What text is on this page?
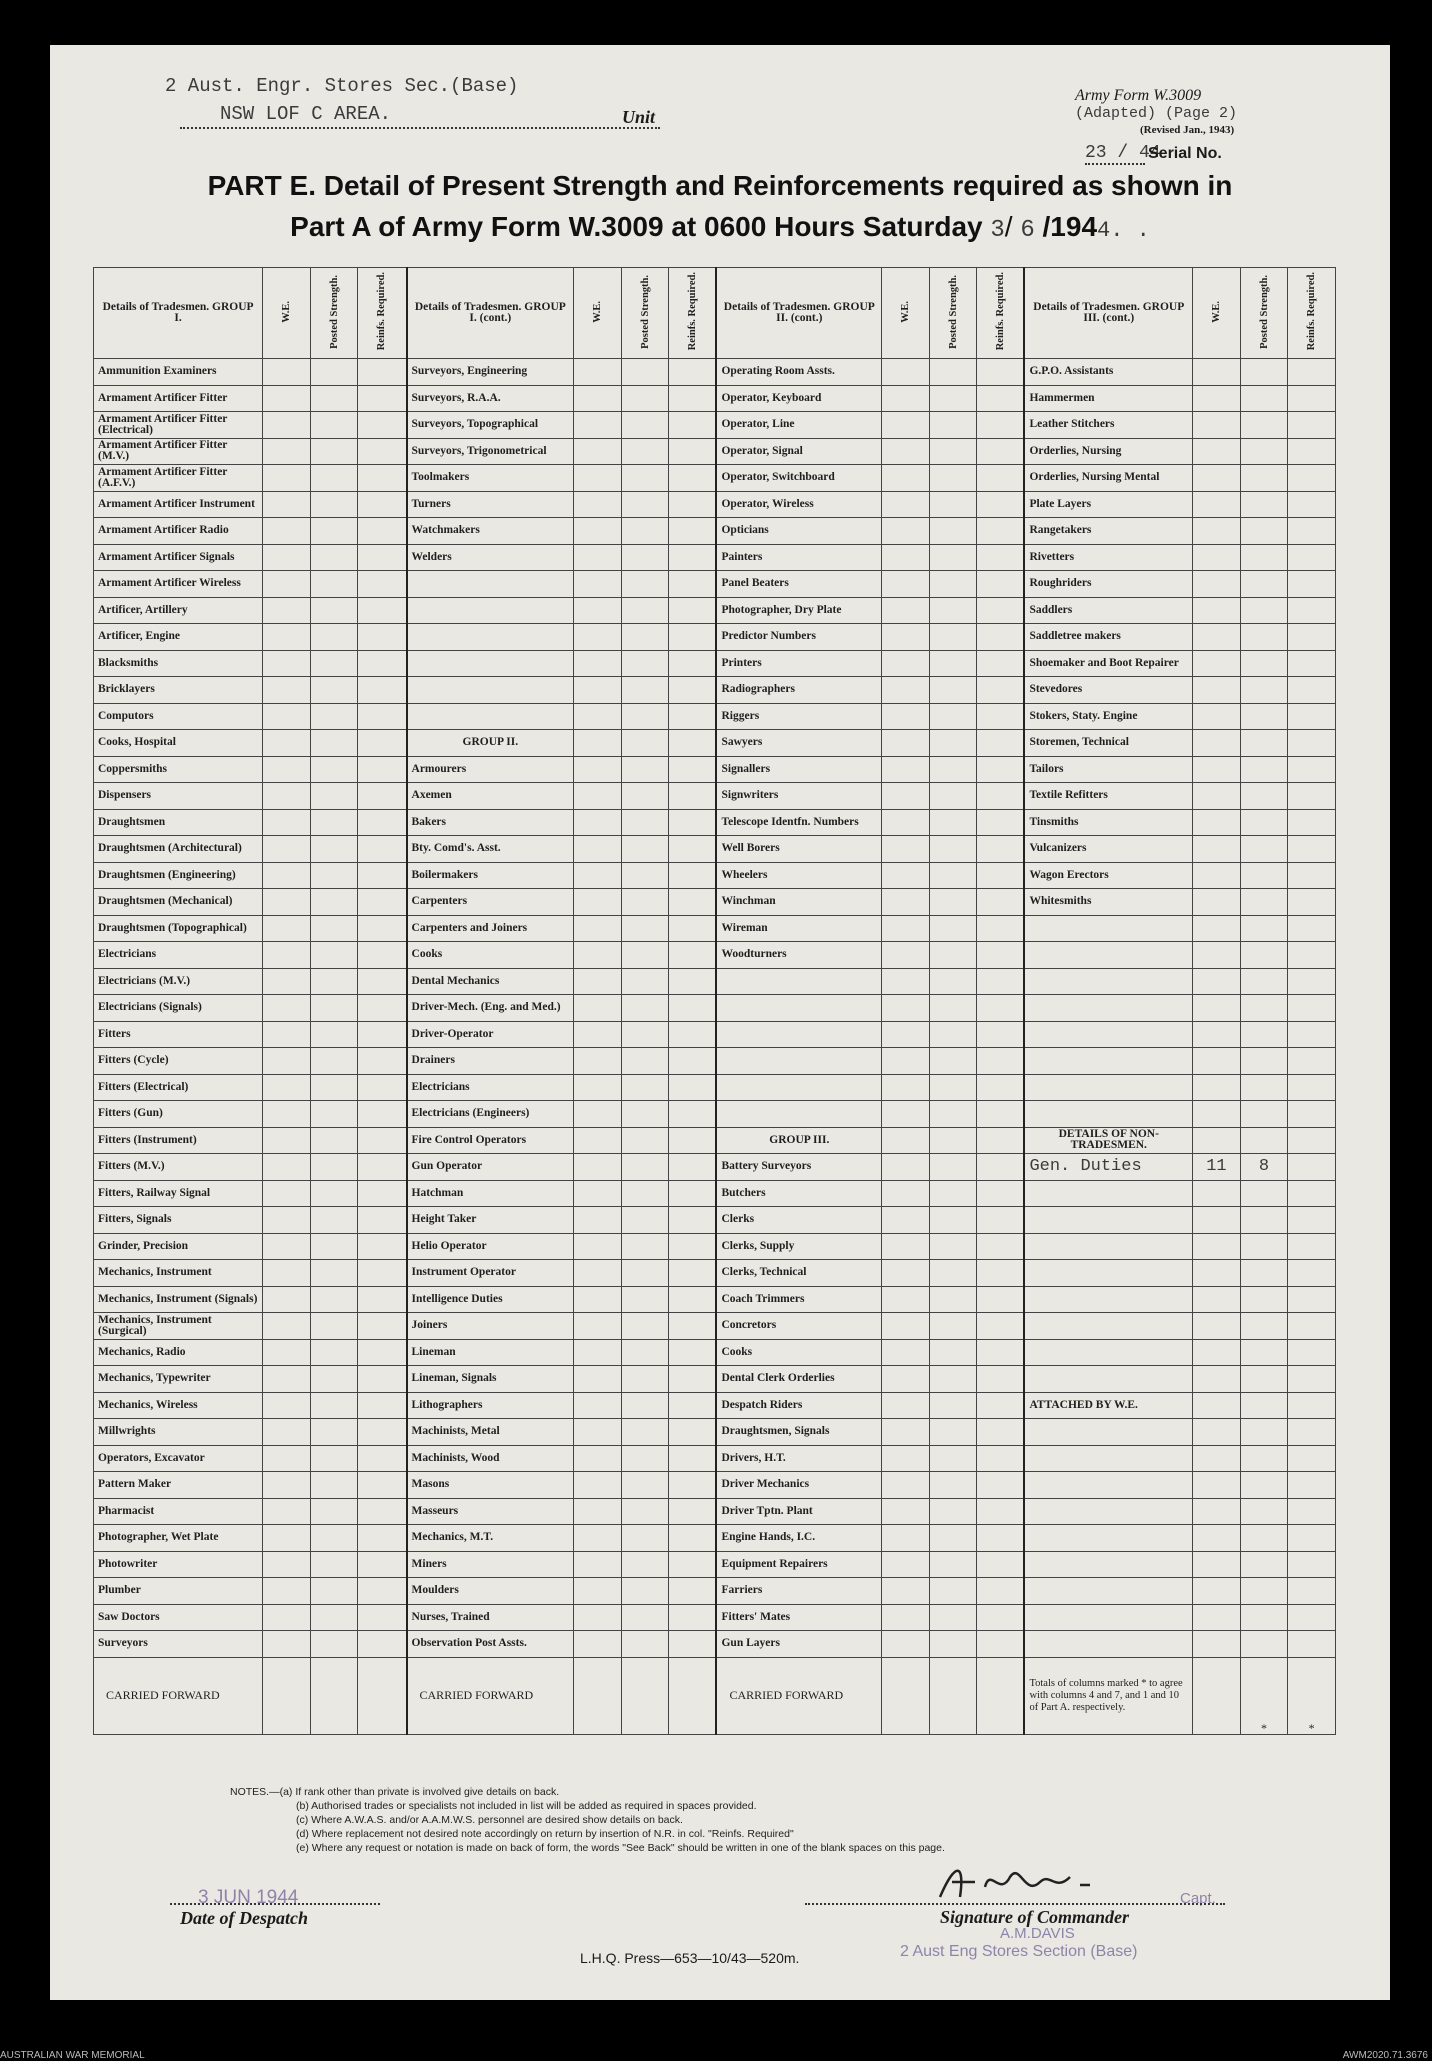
2 Aust. Engr. Stores Sec.(Base)
NSW LOF C AREA.	Unit
Army Form W.3009
(Adapted) (Page 2)
(Revised Jan., 1943)
23 / 44
Serial No.
PART E. Detail of Present Strength and Reinforcements required as shown in
Part A of Army Form W.3009 at 0600 Hours Saturday 3/ 6 /1944. .
Details of Tradesmen. GROUP I.	W.E.	Posted Strength.	Reinfs. Required.	Details of Tradesmen. GROUP I. (cont.)	W.E.	Posted Strength.	Reinfs. Required.	Details of Tradesmen. GROUP II. (cont.)	W.E.	Posted Strength.	Reinfs. Required.	Details of Tradesmen. GROUP III. (cont.)	W.E.	Posted Strength.	Reinfs. Required.
Ammunition Examiners				Surveyors, Engineering				Operating Room Assts.				G.P.O. Assistants			
Armament Artificer Fitter				Surveyors, R.A.A.				Operator, Keyboard				Hammermen			
Armament Artificer Fitter (Electrical)				Surveyors, Topographical				Operator, Line				Leather Stitchers			
Armament Artificer Fitter (M.V.)				Surveyors, Trigonometrical				Operator, Signal				Orderlies, Nursing			
Armament Artificer Fitter (A.F.V.)				Toolmakers				Operator, Switchboard				Orderlies, Nursing Mental			
Armament Artificer Instrument				Turners				Operator, Wireless				Plate Layers			
Armament Artificer Radio				Watchmakers				Opticians				Rangetakers			
Armament Artificer Signals				Welders				Painters				Rivetters			
Armament Artificer Wireless								Panel Beaters				Roughriders			
Artificer, Artillery								Photographer, Dry Plate				Saddlers			
Artificer, Engine								Predictor Numbers				Saddletree makers			
Blacksmiths								Printers				Shoemaker and Boot Repairer			
Bricklayers								Radiographers				Stevedores			
Computors								Riggers				Stokers, Staty. Engine			
Cooks, Hospital				GROUP II.				Sawyers				Storemen, Technical			
Coppersmiths				Armourers				Signallers				Tailors			
Dispensers				Axemen				Signwriters				Textile Refitters			
Draughtsmen				Bakers				Telescope Identfn. Numbers				Tinsmiths			
Draughtsmen (Architectural)				Bty. Comd's. Asst.				Well Borers				Vulcanizers			
Draughtsmen (Engineering)				Boilermakers				Wheelers				Wagon Erectors			
Draughtsmen (Mechanical)				Carpenters				Winchman				Whitesmiths			
Draughtsmen (Topographical)				Carpenters and Joiners				Wireman							
Electricians				Cooks				Woodturners							
Electricians (M.V.)				Dental Mechanics											
Electricians (Signals)				Driver-Mech. (Eng. and Med.)											
Fitters				Driver-Operator											
Fitters (Cycle)				Drainers											
Fitters (Electrical)				Electricians											
Fitters (Gun)				Electricians (Engineers)											
Fitters (Instrument)				Fire Control Operators				GROUP III.				DETAILS OF NON-TRADESMEN.			
Fitters (M.V.)				Gun Operator				Battery Surveyors				Gen. Duties	11	8	
Fitters, Railway Signal				Hatchman				Butchers							
Fitters, Signals				Height Taker				Clerks							
Grinder, Precision				Helio Operator				Clerks, Supply							
Mechanics, Instrument				Instrument Operator				Clerks, Technical							
Mechanics, Instrument (Signals)				Intelligence Duties				Coach Trimmers							
Mechanics, Instrument (Surgical)				Joiners				Concretors							
Mechanics, Radio				Lineman				Cooks							
Mechanics, Typewriter				Lineman, Signals				Dental Clerk Orderlies							
Mechanics, Wireless				Lithographers				Despatch Riders				ATTACHED BY W.E.			
Millwrights				Machinists, Metal				Draughtsmen, Signals							
Operators, Excavator				Machinists, Wood				Drivers, H.T.							
Pattern Maker				Masons				Driver Mechanics							
Pharmacist				Masseurs				Driver Tptn. Plant							
Photographer, Wet Plate				Mechanics, M.T.				Engine Hands, I.C.							
Photowriter				Miners				Equipment Repairers							
Plumber				Moulders				Farriers							
Saw Doctors				Nurses, Trained				Fitters' Mates							
Surveyors				Observation Post Assts.				Gun Layers							
CARRIED FORWARD				CARRIED FORWARD				CARRIED FORWARD				Totals of columns marked * to agree with columns 4 and 7, and 1 and 10 of Part A. respectively.		*	*
NOTES.—(a) If rank other than private is involved give details on back.
(b) Authorised trades or specialists not included in list will be added as required in spaces provided.
(c) Where A.W.A.S. and/or A.A.M.W.S. personnel are desired show details on back.
(d) Where replacement not desired note accordingly on return by insertion of N.R. in col. "Reinfs. Required"
(e) Where any request or notation is made on back of form, the words "See Back" should be written in one of the blank spaces on this page.
3 JUN 1944
Date of Despatch
Capt.
Signature of Commander
A.M.DAVIS
2 Aust Eng Stores Section (Base)
L.H.Q. Press—653—10/43—520m.
AUSTRALIAN WAR MEMORIAL	AWM2020.71.3676
